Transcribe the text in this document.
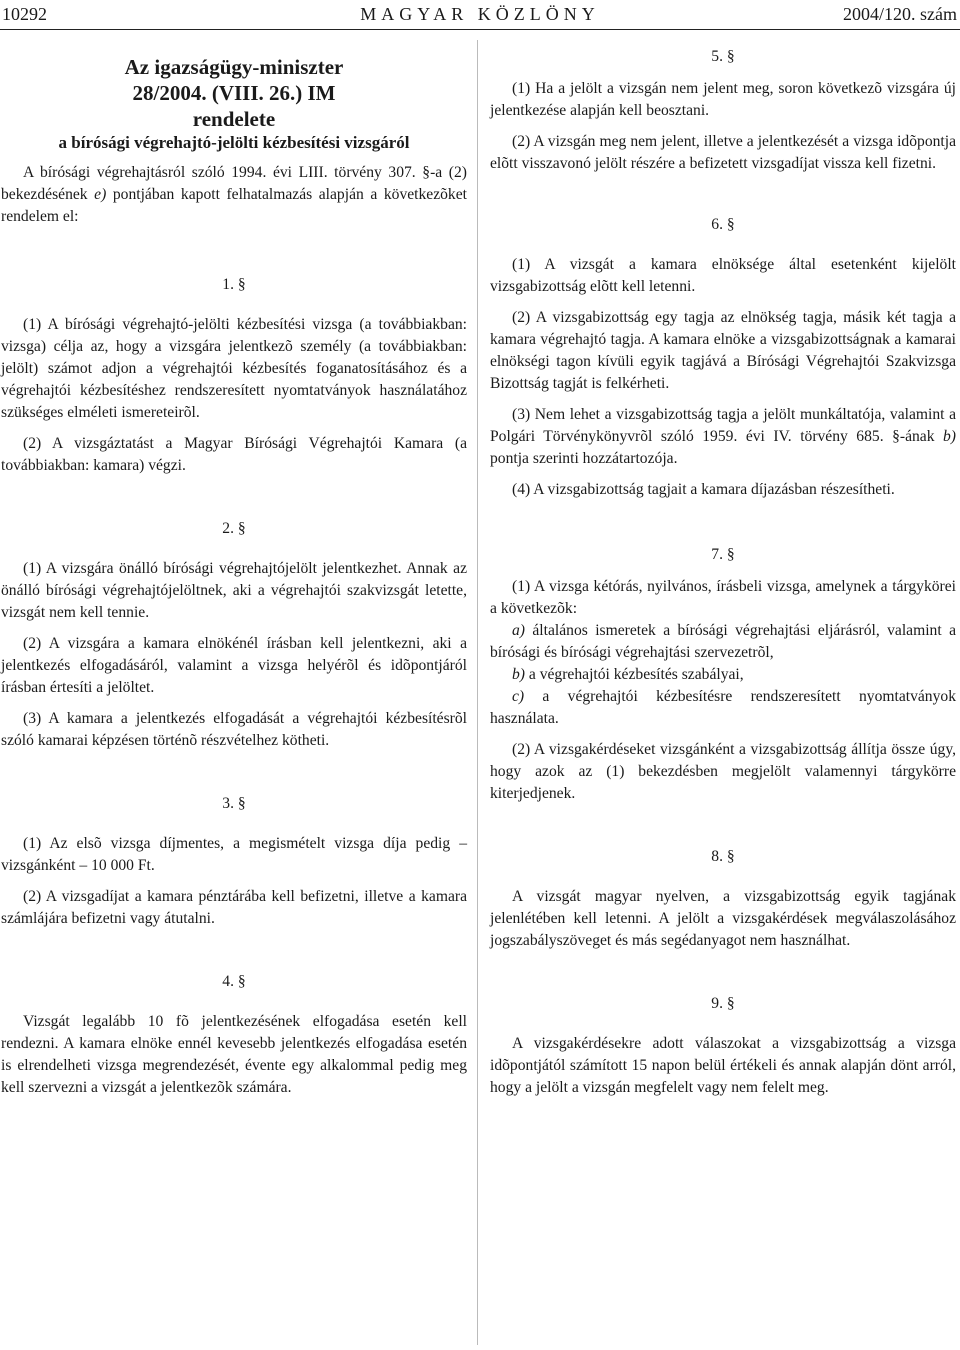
10292	MAGYAR KÖZLÖNY	2004/120. szám

Az igazságügy-miniszter

28/2004. (VIII. 26.) IM

rendelete

a bírósági végrehajtó-jelölti kézbesítési vizsgáról

A bírósági végrehajtásról szóló 1994. évi LIII. törvény 307. §-a (2) bekezdésének e) pontjában kapott felhatalmazás alapján a következõket rendelem el:

1. §

(1) A bírósági végrehajtó-jelölti kézbesítési vizsga (a továbbiakban: vizsga) célja az, hogy a vizsgára jelentkezõ személy (a továbbiakban: jelölt) számot adjon a végrehajtói kézbesítés foganatosításához és a végrehajtói kézbesítéshez rendszeresített nyomtatványok használatához szükséges elméleti ismereteirõl.

(2) A vizsgáztatást a Magyar Bírósági Végrehajtói Kamara (a továbbiakban: kamara) végzi.

2. §

(1) A vizsgára önálló bírósági végrehajtójelölt jelentkezhet. Annak az önálló bírósági végrehajtójelöltnek, aki a végrehajtói szakvizsgát letette, vizsgát nem kell tennie.

(2) A vizsgára a kamara elnökénél írásban kell jelentkezni, aki a jelentkezés elfogadásáról, valamint a vizsga helyérõl és idõpontjáról írásban értesíti a jelöltet.

(3) A kamara a jelentkezés elfogadását a végrehajtói kézbesítésrõl szóló kamarai képzésen történõ részvételhez kötheti.

3. §

(1) Az elsõ vizsga díjmentes, a megismételt vizsga díja pedig – vizsgánként – 10 000 Ft.

(2) A vizsgadíjat a kamara pénztárába kell befizetni, illetve a kamara számlájára befizetni vagy átutalni.

4. §

Vizsgát legalább 10 fõ jelentkezésének elfogadása esetén kell rendezni. A kamara elnöke ennél kevesebb jelentkezés elfogadása esetén is elrendelheti vizsga megrendezését, évente egy alkalommal pedig meg kell szervezni a vizsgát a jelentkezõk számára.

5. §

(1) Ha a jelölt a vizsgán nem jelent meg, soron következõ vizsgára új jelentkezése alapján kell beosztani.

(2) A vizsgán meg nem jelent, illetve a jelentkezését a vizsga idõpontja elõtt visszavonó jelölt részére a befizetett vizsgadíjat vissza kell fizetni.

6. §

(1) A vizsgát a kamara elnöksége által esetenként kijelölt vizsgabizottság elõtt kell letenni.

(2) A vizsgabizottság egy tagja az elnökség tagja, másik két tagja a kamara végrehajtó tagja. A kamara elnöke a vizsgabizottságnak a kamarai elnökségi tagon kívüli egyik tagjává a Bírósági Végrehajtói Szakvizsga Bizottság tagját is felkérheti.

(3) Nem lehet a vizsgabizottság tagja a jelölt munkáltatója, valamint a Polgári Törvénykönyvrõl szóló 1959. évi IV. törvény 685. §-ának b) pontja szerinti hozzátartozója.

(4) A vizsgabizottság tagjait a kamara díjazásban részesítheti.

7. §

(1) A vizsga kétórás, nyilvános, írásbeli vizsga, amelynek a tárgykörei a következõk:

a) általános ismeretek a bírósági végrehajtási eljárásról, valamint a bírósági és bírósági végrehajtási szervezetrõl,

b) a végrehajtói kézbesítés szabályai,

c) a végrehajtói kézbesítésre rendszeresített nyomtatványok használata.

(2) A vizsgakérdéseket vizsgánként a vizsgabizottság állítja össze úgy, hogy azok az (1) bekezdésben megjelölt valamennyi tárgykörre kiterjedjenek.

8. §

A vizsgát magyar nyelven, a vizsgabizottság egyik tagjának jelenlétében kell letenni. A jelölt a vizsgakérdések megválaszolásához jogszabályszöveget és más segédanyagot nem használhat.

9. §

A vizsgakérdésekre adott válaszokat a vizsgabizottság a vizsga idõpontjától számított 15 napon belül értékeli és annak alapján dönt arról, hogy a jelölt a vizsgán megfelelt vagy nem felelt meg.
